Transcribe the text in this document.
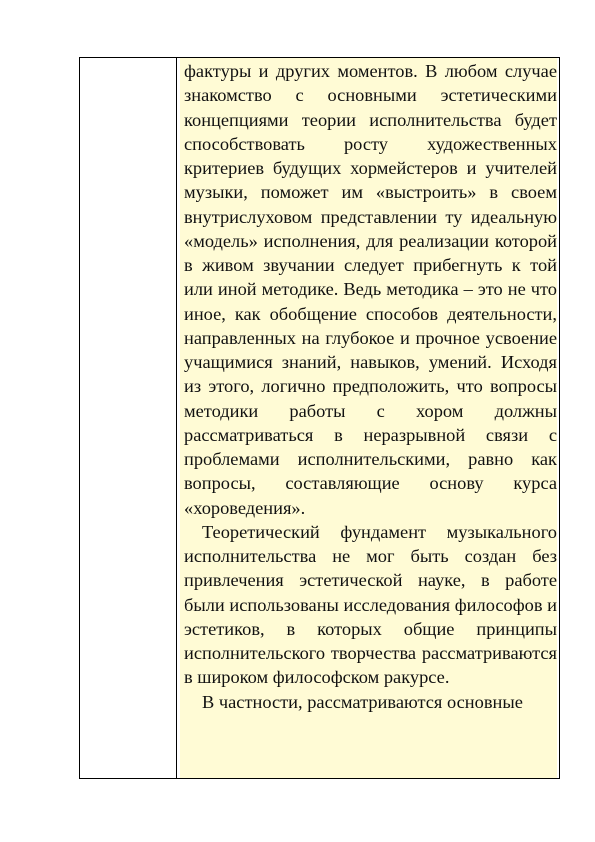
фактуры и других моментов. В любом случае знакомство с основными эстетическими концепциями теории исполнительства будет способствовать росту художественных критериев будущих хормейстеров и учителей музыки, поможет им «выстроить» в своем внутрислуховом представлении ту идеальную «модель» исполнения, для реализации которой в живом звучании следует прибегнуть к той или иной методике. Ведь методика – это не что иное, как обобщение способов деятельности, направленных на глубокое и прочное усвоение учащимися знаний, навыков, умений. Исходя из этого, логично предположить, что вопросы методики работы с хором должны рассматриваться в неразрывной связи с проблемами исполнительскими, равно как вопросы, составляющие основу курса «хороведения».

Теоретический фундамент музыкального исполнительства не мог быть создан без привлечения эстетической науке, в работе были использованы исследования философов и эстетиков, в которых общие принципы исполнительского творчества рассматриваются в широком философском ракурсе.

В частности, рассматриваются основные
